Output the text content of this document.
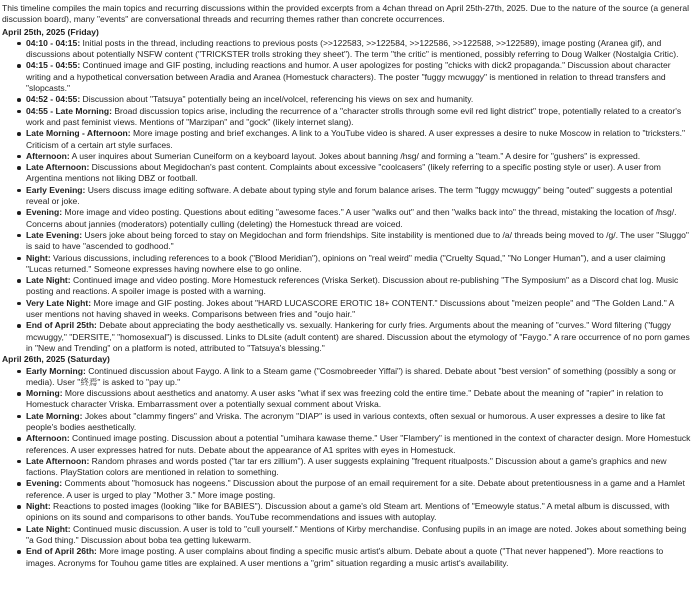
This timeline compiles the main topics and recurring discussions within the provided excerpts from a 4chan thread on April 25th-27th, 2025. Due to the nature of the source (a general discussion board), many "events" are conversational threads and recurring themes rather than concrete occurrences.

April 25th, 2025 (Friday)

04:10 - 04:15: Initial posts in the thread, including reactions to previous posts (>>122583, >>122584, >>122586, >>122588, >>122589), image posting (Aranea gif), and discussions about potentially NSFW content ("TRICKSTER trolls stroking they sheet"). The term "the critic" is mentioned, possibly referring to Doug Walker (Nostalgia Critic).
04:15 - 04:55: Continued image and GIF posting, including reactions and humor. A user apologizes for posting "chicks with dick2 propaganda." Discussion about character writing and a hypothetical conversation between Aradia and Aranea (Homestuck characters). The poster "fuggy mcwuggy" is mentioned in relation to thread transfers and "slopcasts."
04:52 - 04:55: Discussion about "Tatsuya" potentially being an incel/volcel, referencing his views on sex and humanity.
04:55 - Late Morning: Broad discussion topics arise, including the recurrence of a "character strolls through some evil red light district" trope, potentially related to a creator's work and past feminist views. Mentions of "Marzipan" and "gock" (likely internet slang).
Late Morning - Afternoon: More image posting and brief exchanges. A link to a YouTube video is shared. A user expresses a desire to nuke Moscow in relation to "tricksters." Criticism of a certain art style surfaces.
Afternoon: A user inquires about Sumerian Cuneiform on a keyboard layout. Jokes about banning /hsg/ and forming a "team." A desire for "gushers" is expressed.
Late Afternoon: Discussions about Megidochan's past content. Complaints about excessive "coolcasers" (likely referring to a specific posting style or user). A user from Argentina mentions not liking DBZ or football.
Early Evening: Users discuss image editing software. A debate about typing style and forum balance arises. The term "fuggy mcwuggy" being "outed" suggests a potential reveal or joke.
Evening: More image and video posting. Questions about editing "awesome faces." A user "walks out" and then "walks back into" the thread, mistaking the location of /hsg/. Concerns about jannies (moderators) potentially culling (deleting) the Homestuck thread are voiced.
Late Evening: Users joke about being forced to stay on Megidochan and form friendships. Site instability is mentioned due to /a/ threads being moved to /g/. The user "Sluggo" is said to have "ascended to godhood."
Night: Various discussions, including references to a book ("Blood Meridian"), opinions on "real weird" media ("Cruelty Squad," "No Longer Human"), and a user claiming "Lucas returned." Someone expresses having nowhere else to go online.
Late Night: Continued image and video posting. More Homestuck references (Vriska Serket). Discussion about re-publishing "The Symposium" as a Discord chat log. Music posting and reactions. A spoiler image is posted with a warning.
Very Late Night: More image and GIF posting. Jokes about "HARD LUCASCORE EROTIC 18+ CONTENT." Discussions about "meizen people" and "The Golden Land." A user mentions not having shaved in weeks. Comparisons between fries and "oujo hair."
End of April 25th: Debate about appreciating the body aesthetically vs. sexually. Hankering for curly fries. Arguments about the meaning of "curves." Word filtering ("fuggy mcwuggy," "DERSITE," "homosexual") is discussed. Links to DLsite (adult content) are shared. Discussion about the etymology of "Faygo." A rare occurrence of no porn games in "New and Trending" on a platform is noted, attributed to "Tatsuya's blessing."

April 26th, 2025 (Saturday)

Early Morning: Continued discussion about Faygo. A link to a Steam game ("Cosmobreeder Yiffai") is shared. Debate about "best version" of something (possibly a song or media). User "終焉" is asked to "pay up."
Morning: More discussions about aesthetics and anatomy. A user asks "what if sex was freezing cold the entire time." Debate about the meaning of "rapier" in relation to Homestuck character Vriska. Embarrassment over a potentially sexual comment about Vriska.
Late Morning: Jokes about "clammy fingers" and Vriska. The acronym "DIAP" is used in various contexts, often sexual or humorous. A user expresses a desire to like fat people's bodies aesthetically.
Afternoon: Continued image posting. Discussion about a potential "umihara kawase theme." User "Flambery" is mentioned in the context of character design. More Homestuck references. A user expresses hatred for nuts. Debate about the appearance of A1 sprites with eyes in Homestuck.
Late Afternoon: Random phrases and words posted ("tar tar ers zillium"). A user suggests explaining "frequent ritualposts." Discussion about a game's graphics and new factions. PlayStation colors are mentioned in relation to something.
Evening: Comments about "homosuck has nogeens." Discussion about the purpose of an email requirement for a site. Debate about pretentiousness in a game and a Hamlet reference. A user is urged to play "Mother 3." More image posting.
Night: Reactions to posted images (looking "like for BABIES"). Discussion about a game's old Steam art. Mentions of "Emeowyle status." A metal album is discussed, with opinions on its sound and comparisons to other bands. YouTube recommendations and issues with autoplay.
Late Night: Continued music discussion. A user is told to "cull yourself." Mentions of Kirby merchandise. Confusing pupils in an image are noted. Jokes about something being "a God thing." Discussion about boba tea getting lukewarm.
End of April 26th: More image posting. A user complains about finding a specific music artist's album. Debate about a quote ("That never happened"). More reactions to images. Acronyms for Touhou game titles are explained. A user mentions a "grim" situation regarding a music artist's availability.
